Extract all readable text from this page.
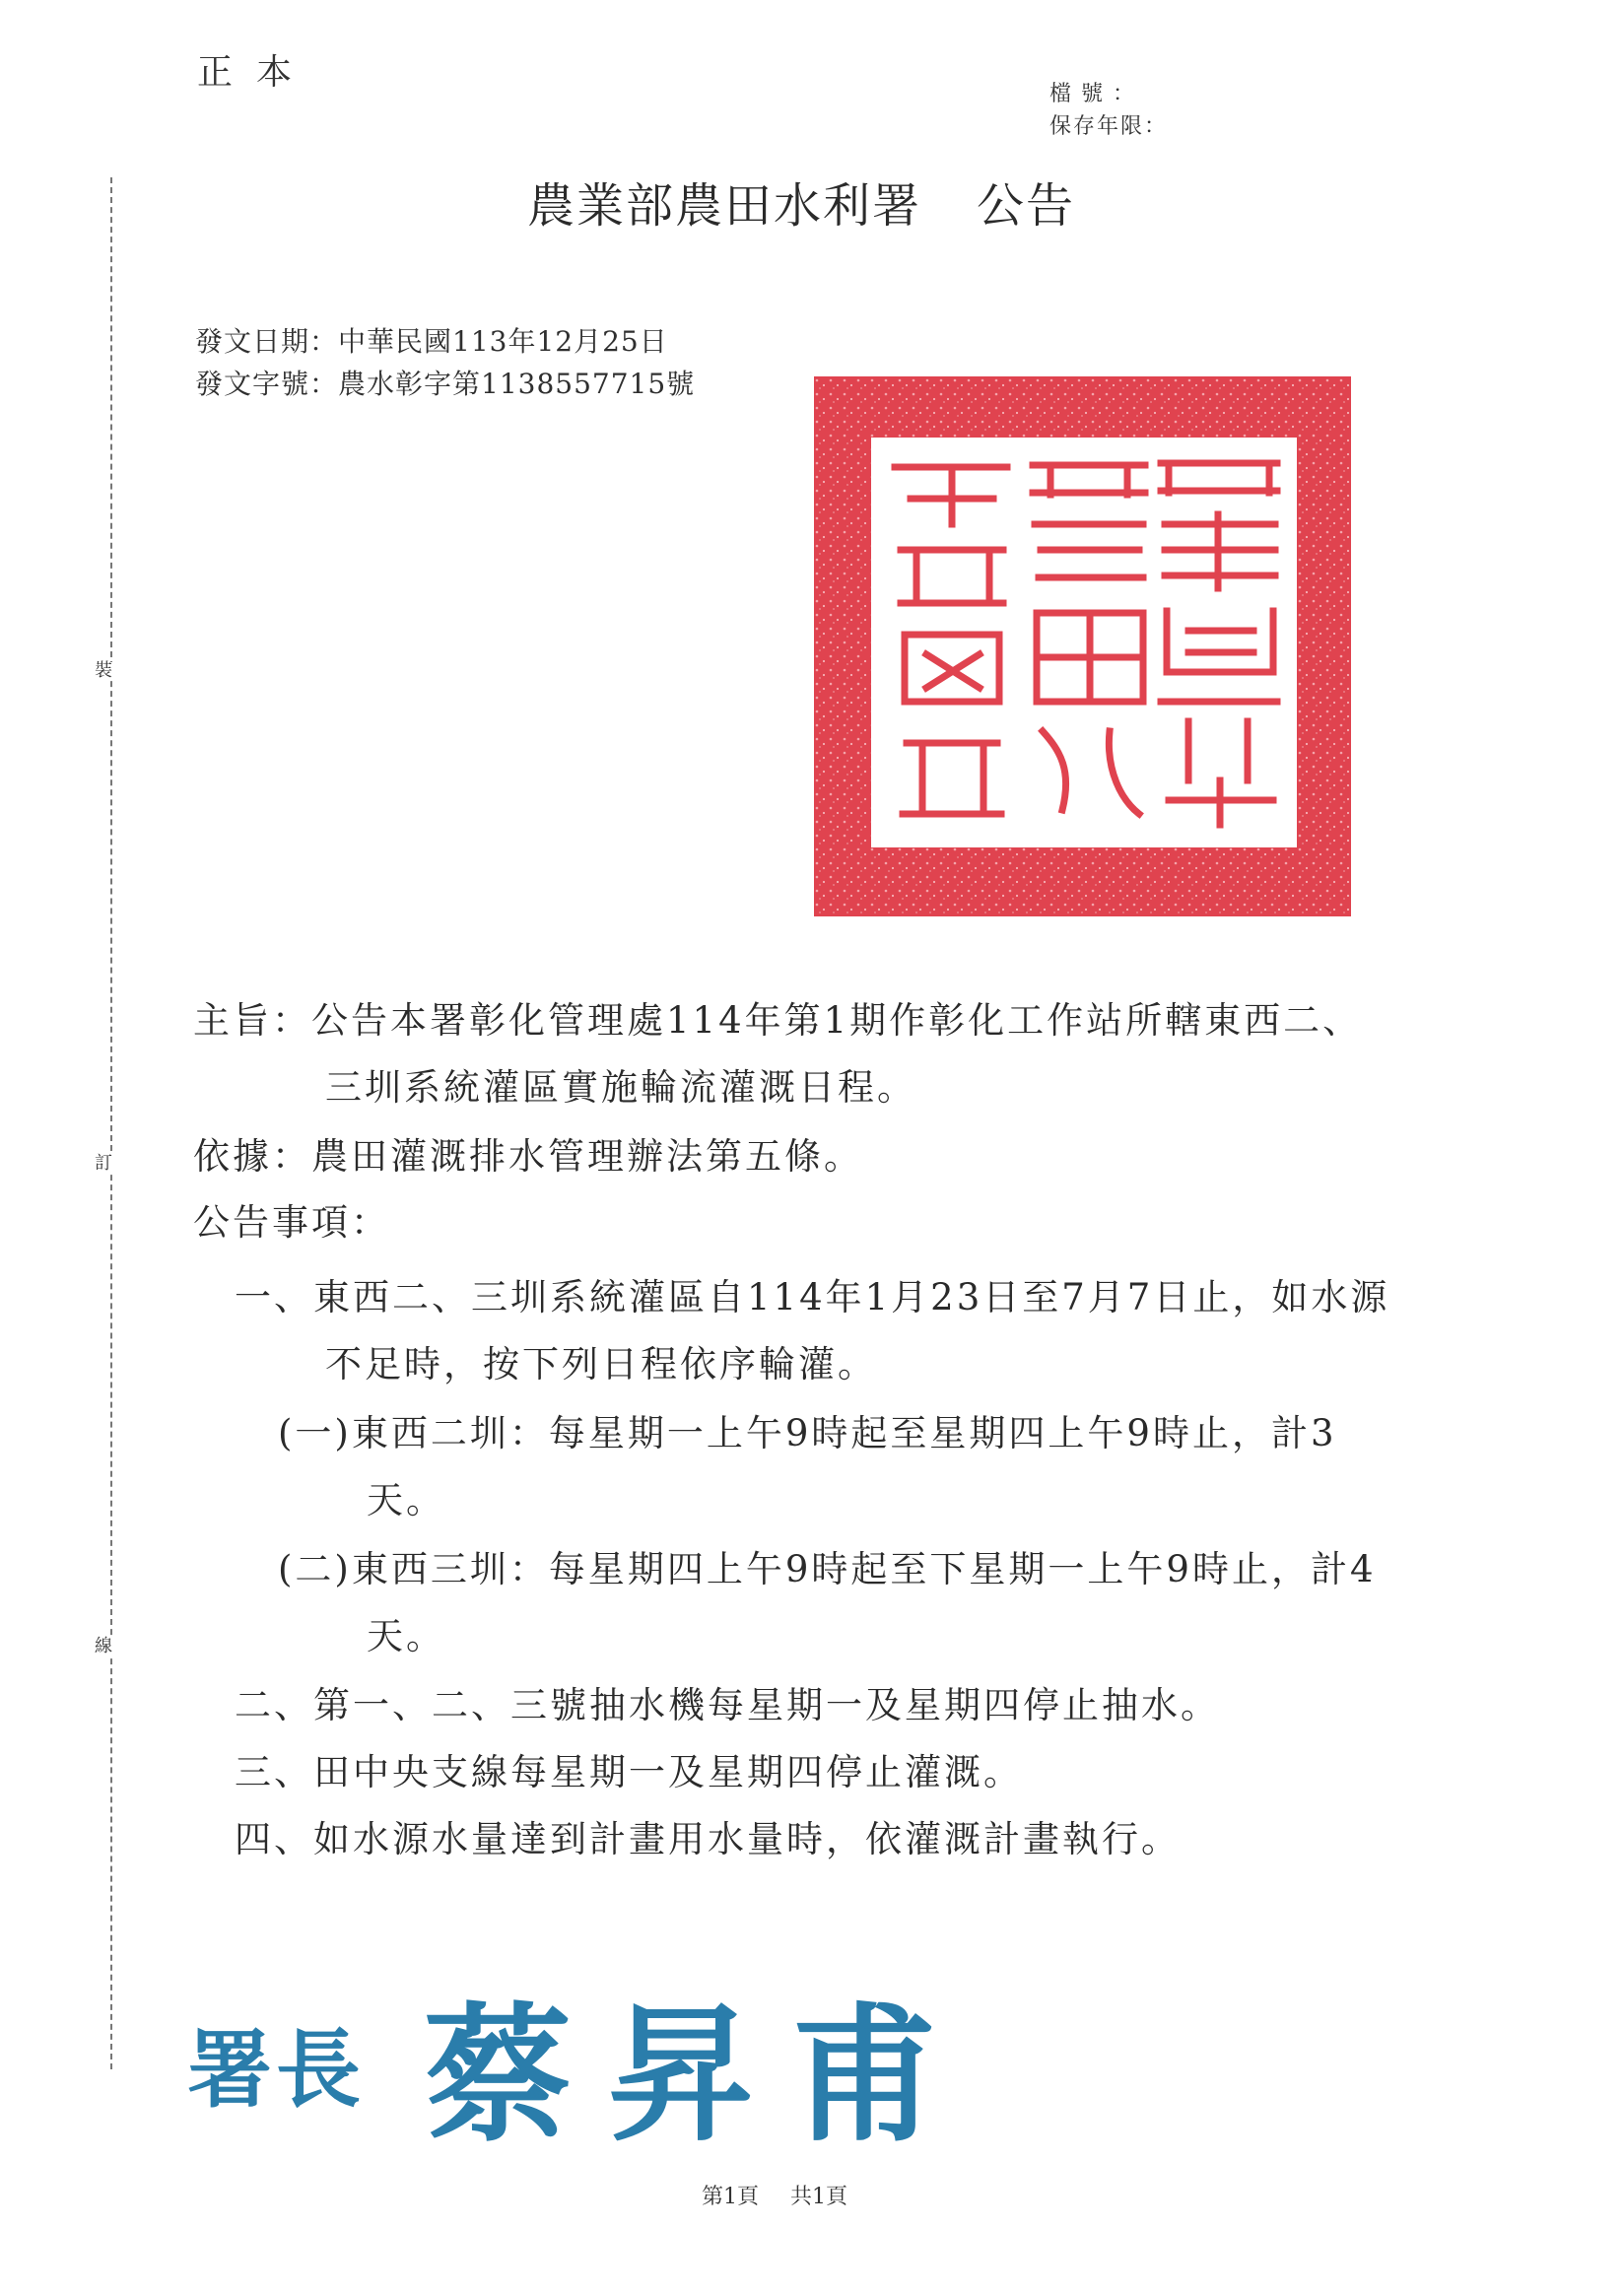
裝
訂
線
正本
檔號：
保存年限：
農業部農田水利署 公告
發文日期：中華民國113年12月25日
發文字號：農水彰字第1138557715號
主旨：公告本署彰化管理處114年第1期作彰化工作站所轄東西二、
三圳系統灌區實施輪流灌溉日程。
依據：農田灌溉排水管理辦法第五條。
公告事項：
一、東西二、三圳系統灌區自114年1月23日至7月7日止，如水源
不足時，按下列日程依序輪灌。
(一)東西二圳：每星期一上午9時起至星期四上午9時止，計3
天。
(二)東西三圳：每星期四上午9時起至下星期一上午9時止，計4
天。
二、第一、二、三號抽水機每星期一及星期四停止抽水。
三、田中央支線每星期一及星期四停止灌溉。
四、如水源水量達到計畫用水量時，依灌溉計畫執行。
署長 蔡昇甫
第1頁 共1頁
